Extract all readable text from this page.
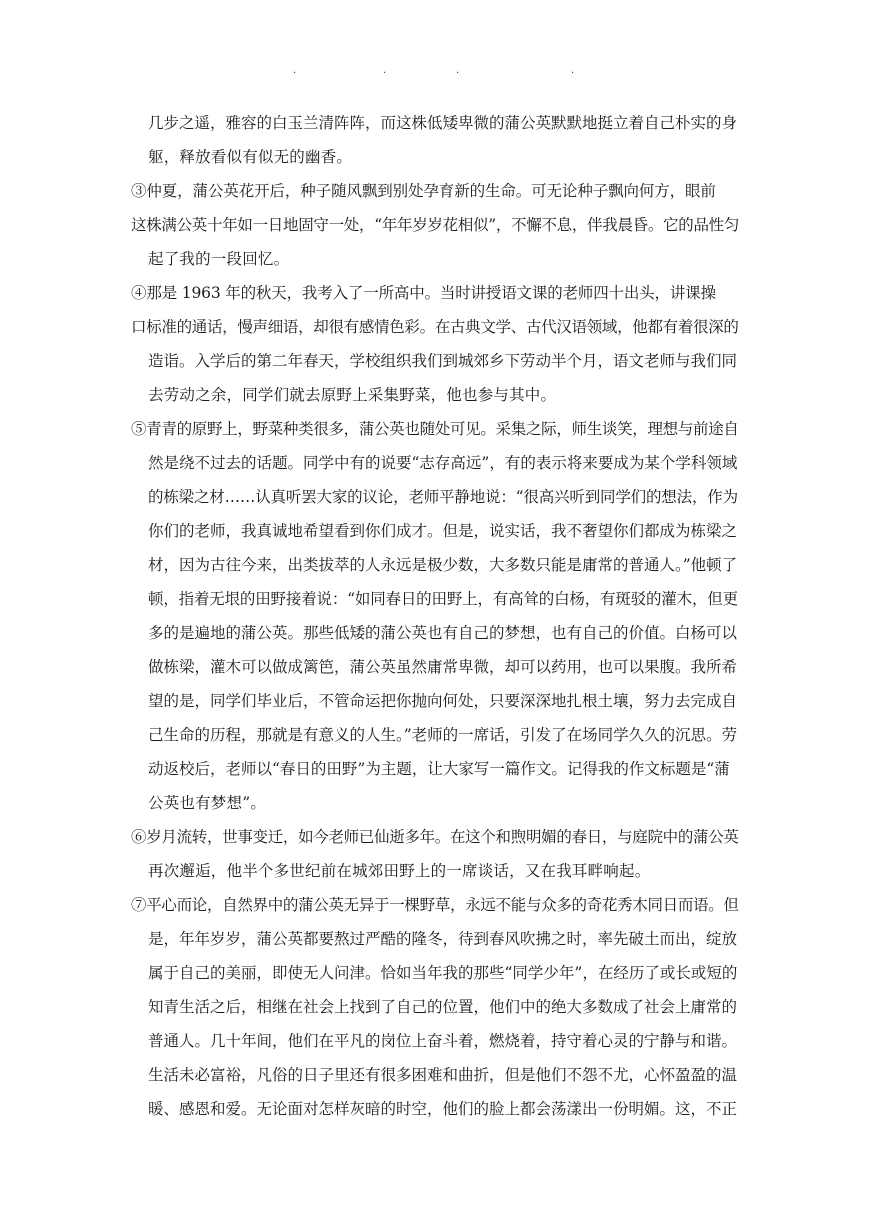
.	.	.	.
几步之遥，雅容的白玉兰清阵阵，而这株低矮卑微的蒲公英默默地挺立着自己朴实的身
躯，释放看似有似无的幽香。
③仲夏，蒲公英花开后，种子随风飘到别处孕育新的生命。可无论种子飘向何方，眼前
这株满公英十年如一日地固守一处，“年年岁岁花相似”，不懈不息，伴我晨昏。它的品性匀
起了我的一段回忆。
④那是 1963 年的秋天，我考入了一所高中。当时讲授语文课的老师四十出头，讲课操
口标准的通话，慢声细语，却很有感情色彩。在古典文学、古代汉语领域，他都有着很深的
造诣。入学后的第二年春天，学校组织我们到城郊乡下劳动半个月，语文老师与我们同
去劳动之余，同学们就去原野上采集野菜，他也参与其中。
⑤青青的原野上，野菜种类很多，蒲公英也随处可见。采集之际，师生谈笑，理想与前途自
然是绕不过去的话题。同学中有的说要“志存高远”，有的表示将来要成为某个学科领域
的栋梁之材……认真听罢大家的议论，老师平静地说：“很高兴听到同学们的想法，作为
你们的老师，我真诚地希望看到你们成才。但是，说实话，我不奢望你们都成为栋梁之
材，因为古往今来，出类拔萃的人永远是极少数，大多数只能是庸常的普通人。”他顿了
顿，指着无垠的田野接着说：“如同春日的田野上，有高耸的白杨，有斑驳的灌木，但更
多的是遍地的蒲公英。那些低矮的蒲公英也有自己的梦想，也有自己的价值。白杨可以
做栋梁，灌木可以做成篱笆，蒲公英虽然庸常卑微，却可以药用，也可以果腹。我所希
望的是，同学们毕业后，不管命运把你抛向何处，只要深深地扎根土壤，努力去完成自
己生命的历程，那就是有意义的人生。”老师的一席话，引发了在场同学久久的沉思。劳
动返校后，老师以“春日的田野”为主题，让大家写一篇作文。记得我的作文标题是“蒲
公英也有梦想”。
⑥岁月流转，世事变迁，如今老师已仙逝多年。在这个和煦明媚的春日，与庭院中的蒲公英
再次邂逅，他半个多世纪前在城郊田野上的一席谈话，又在我耳畔响起。
⑦平心而论，自然界中的蒲公英无异于一棵野草，永远不能与众多的奇花秀木同日而语。但
是，年年岁岁，蒲公英都要熬过严酷的隆冬，待到春风吹拂之时，率先破土而出，绽放
属于自己的美丽，即使无人问津。恰如当年我的那些“同学少年”，在经历了或长或短的
知青生活之后，相继在社会上找到了自己的位置，他们中的绝大多数成了社会上庸常的
普通人。几十年间，他们在平凡的岗位上奋斗着，燃烧着，持守着心灵的宁静与和谐。
生活未必富裕，凡俗的日子里还有很多困难和曲折，但是他们不怨不尤，心怀盈盈的温
暖、感恩和爱。无论面对怎样灰暗的时空，他们的脸上都会荡漾出一份明媚。这，不正
